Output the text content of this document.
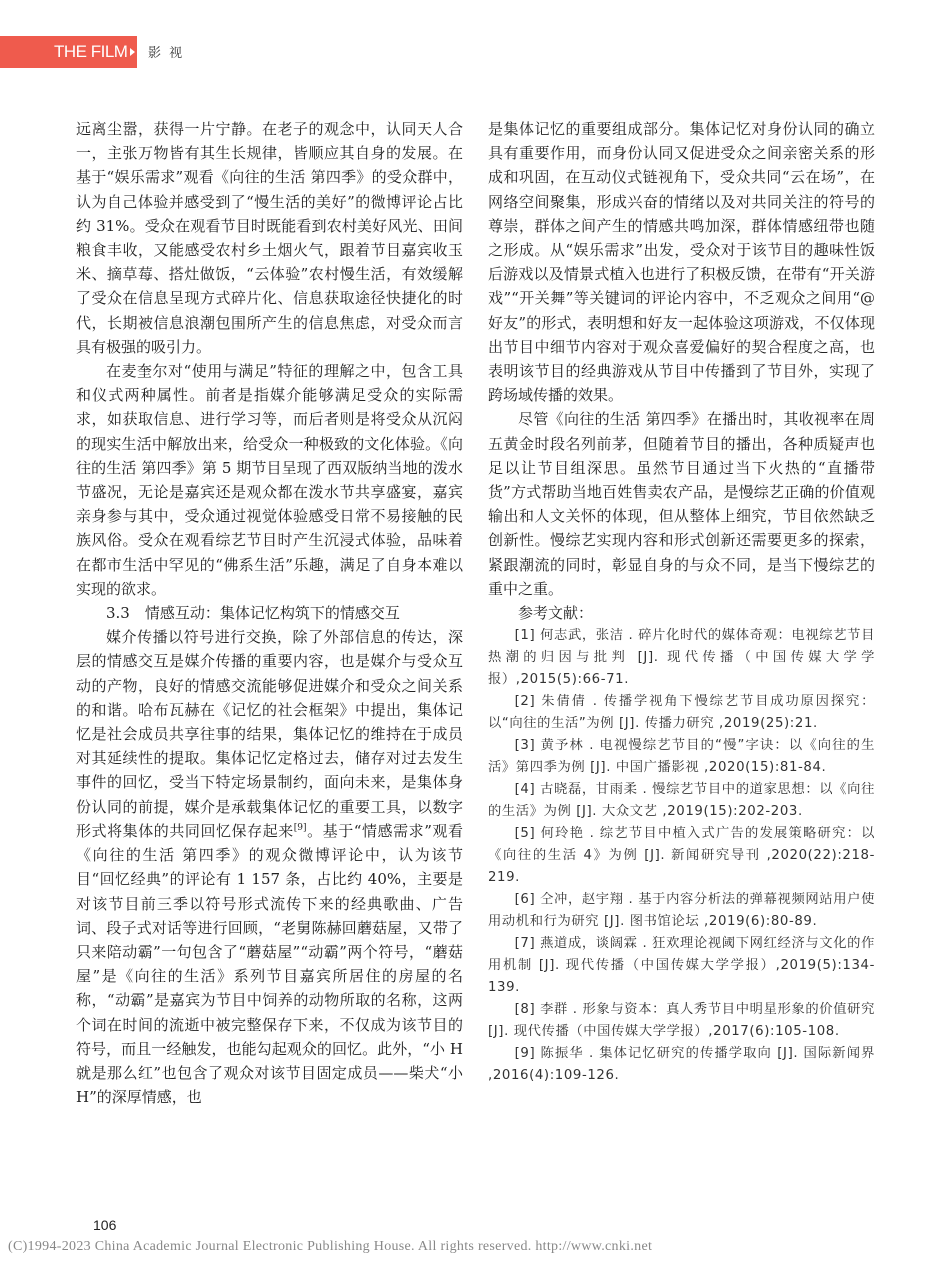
THE FILM 影 视

远离尘嚣，获得一片宁静。在老子的观念中，认同天人合一，主张万物皆有其生长规律，皆顺应其自身的发展。在基于“娱乐需求”观看《向往的生活 第四季》的受众群中，认为自己体验并感受到了“慢生活的美好”的微博评论占比约 31%。受众在观看节目时既能看到农村美好风光、田间粮食丰收，又能感受农村乡土烟火气，跟着节目嘉宾收玉米、摘草莓、搭灶做饭，“云体验”农村慢生活，有效缓解了受众在信息呈现方式碎片化、信息获取途径快捷化的时代，长期被信息浪潮包围所产生的信息焦虑，对受众而言具有极强的吸引力。

在麦奎尔对“使用与满足”特征的理解之中，包含工具和仪式两种属性。前者是指媒介能够满足受众的实际需求，如获取信息、进行学习等，而后者则是将受众从沉闷的现实生活中解放出来，给受众一种极致的文化体验。《向往的生活 第四季》第 5 期节目呈现了西双版纳当地的泼水节盛况，无论是嘉宾还是观众都在泼水节共享盛宴，嘉宾亲身参与其中，受众通过视觉体验感受日常不易接触的民族风俗。受众在观看综艺节目时产生沉浸式体验，品味着在都市生活中罕见的“佛系生活”乐趣，满足了自身本难以实现的欲求。

3.3　情感互动：集体记忆构筑下的情感交互

媒介传播以符号进行交换，除了外部信息的传达，深层的情感交互是媒介传播的重要内容，也是媒介与受众互动的产物，良好的情感交流能够促进媒介和受众之间关系的和谐。哈布瓦赫在《记忆的社会框架》中提出，集体记忆是社会成员共享往事的结果，集体记忆的维持在于成员对其延续性的提取。集体记忆定格过去，储存对过去发生事件的回忆，受当下特定场景制约，面向未来，是集体身份认同的前提，媒介是承载集体记忆的重要工具，以数字形式将集体的共同回忆保存起来[9]。基于“情感需求”观看《向往的生活 第四季》的观众微博评论中，认为该节目“回忆经典”的评论有 1 157 条，占比约 40%，主要是对该节目前三季以符号形式流传下来的经典歌曲、广告词、段子式对话等进行回顾，“老舅陈赫回蘑菇屋，又带了只来陪动霸”一句包含了“蘑菇屋”“动霸”两个符号，“蘑菇屋”是《向往的生活》系列节目嘉宾所居住的房屋的名称，“动霸”是嘉宾为节目中饲养的动物所取的名称，这两个词在时间的流逝中被完整保存下来，不仅成为该节目的符号，而且一经触发，也能勾起观众的回忆。此外，“小 H 就是那么红”也包含了观众对该节目固定成员——柴犬“小 H”的深厚情感，也

是集体记忆的重要组成部分。集体记忆对身份认同的确立具有重要作用，而身份认同又促进受众之间亲密关系的形成和巩固，在互动仪式链视角下，受众共同“云在场”，在网络空间聚集，形成兴奋的情绪以及对共同关注的符号的尊崇，群体之间产生的情感共鸣加深，群体情感纽带也随之形成。从“娱乐需求”出发，受众对于该节目的趣味性饭后游戏以及情景式植入也进行了积极反馈，在带有“开关游戏”“开关舞”等关键词的评论内容中，不乏观众之间用“@ 好友”的形式，表明想和好友一起体验这项游戏，不仅体现出节目中细节内容对于观众喜爱偏好的契合程度之高，也表明该节目的经典游戏从节目中传播到了节目外，实现了跨场域传播的效果。

尽管《向往的生活 第四季》在播出时，其收视率在周五黄金时段名列前茅，但随着节目的播出，各种质疑声也足以让节目组深思。虽然节目通过当下火热的“直播带货”方式帮助当地百姓售卖农产品，是慢综艺正确的价值观输出和人文关怀的体现，但从整体上细究，节目依然缺乏创新性。慢综艺实现内容和形式创新还需要更多的探索，紧跟潮流的同时，彰显自身的与众不同，是当下慢综艺的重中之重。

参考文献：

[1] 何志武，张洁 . 碎片化时代的媒体奇观：电视综艺节目热潮的归因与批判 [J]. 现代传播（中国传媒大学学报）,2015(5):66-71.

[2] 朱倩倩 . 传播学视角下慢综艺节目成功原因探究：以“向往的生活”为例 [J]. 传播力研究 ,2019(25):21.

[3] 黄予林 . 电视慢综艺节目的“慢”字诀：以《向往的生活》第四季为例 [J]. 中国广播影视 ,2020(15):81-84.

[4] 古晓磊，甘雨柔 . 慢综艺节目中的道家思想：以《向往的生活》为例 [J]. 大众文艺 ,2019(15):202-203.

[5] 何玲艳 . 综艺节目中植入式广告的发展策略研究：以《向往的生活 4》为例 [J]. 新闻研究导刊 ,2020(22):218-219.

[6] 仝冲，赵宇翔 . 基于内容分析法的弹幕视频网站用户使用动机和行为研究 [J]. 图书馆论坛 ,2019(6):80-89.

[7] 燕道成，谈阔霖 . 狂欢理论视阈下网红经济与文化的作用机制 [J]. 现代传播（中国传媒大学学报）,2019(5):134-139.

[8] 李群 . 形象与资本：真人秀节目中明星形象的价值研究 [J]. 现代传播（中国传媒大学学报）,2017(6):105-108.

[9] 陈振华 . 集体记忆研究的传播学取向 [J]. 国际新闻界 ,2016(4):109-126.

106
(C)1994-2023 China Academic Journal Electronic Publishing House. All rights reserved. http://www.cnki.net
